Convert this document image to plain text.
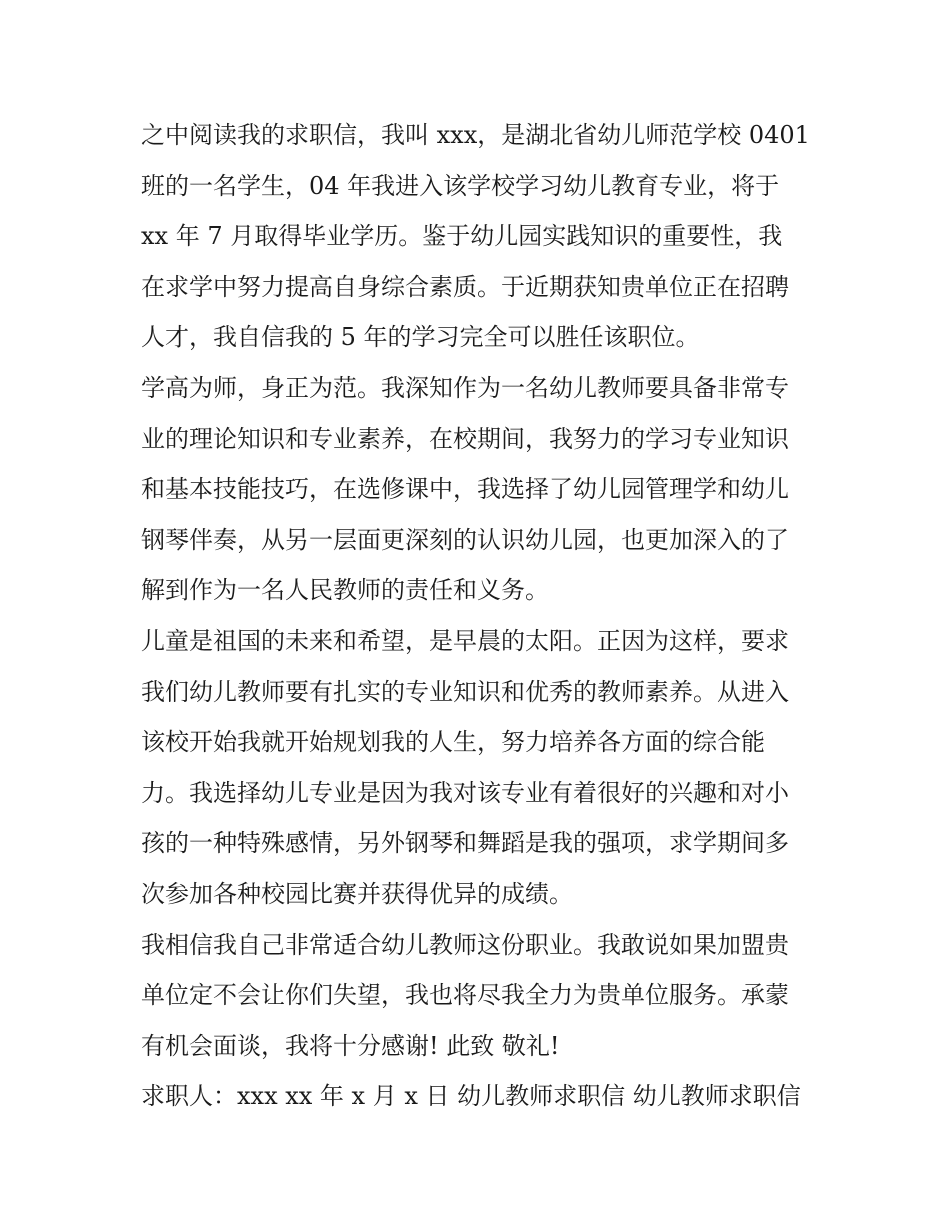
之中阅读我的求职信，我叫 xxx，是湖北省幼儿师范学校 0401
班的一名学生，04 年我进入该学校学习幼儿教育专业，将于
xx 年 7 月取得毕业学历。鉴于幼儿园实践知识的重要性，我
在求学中努力提高自身综合素质。于近期获知贵单位正在招聘
人才，我自信我的 5 年的学习完全可以胜任该职位。
学高为师，身正为范。我深知作为一名幼儿教师要具备非常专
业的理论知识和专业素养，在校期间，我努力的学习专业知识
和基本技能技巧，在选修课中，我选择了幼儿园管理学和幼儿
钢琴伴奏，从另一层面更深刻的认识幼儿园，也更加深入的了
解到作为一名人民教师的责任和义务。
儿童是祖国的未来和希望，是早晨的太阳。正因为这样，要求
我们幼儿教师要有扎实的专业知识和优秀的教师素养。从进入
该校开始我就开始规划我的人生，努力培养各方面的综合能
力。我选择幼儿专业是因为我对该专业有着很好的兴趣和对小
孩的一种特殊感情，另外钢琴和舞蹈是我的强项，求学期间多
次参加各种校园比赛并获得优异的成绩。
我相信我自己非常适合幼儿教师这份职业。我敢说如果加盟贵
单位定不会让你们失望，我也将尽我全力为贵单位服务。承蒙
有机会面谈，我将十分感谢! 此致 敬礼!
求职人：xxx xx 年 x 月 x 日 幼儿教师求职信 幼儿教师求职信
